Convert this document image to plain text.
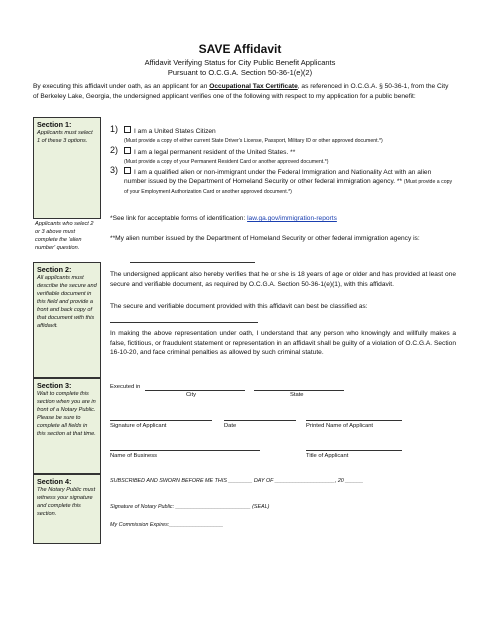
SAVE Affidavit
Affidavit Verifying Status for City Public Benefit Applicants
Pursuant to O.C.G.A. Section 50-36-1(e)(2)
By executing this affidavit under oath, as an applicant for an Occupational Tax Certificate, as referenced in O.C.G.A. § 50-36-1, from the City of Berkeley Lake, Georgia, the undersigned applicant verifies one of the following with respect to my application for a public benefit:
Section 1:
Applicants must select 1 of these 3 options.
Applicants who select 2 or 3 above must complete the 'alien number' question.
Section 2:
All applicants must describe the secure and verifiable document in this field and provide a front and back copy of that document with this affidavit.
Section 3:
Wait to complete this section when you are in front of a Notary Public. Please be sure to complete all fields in this section at that time.
Section 4:
The Notary Public must witness your signature and complete this section.
1)	I am a United States Citizen
(Must provide a copy of either current State Driver's License, Passport, Military ID or other approved document.*)
2)	I am a legal permanent resident of the United States. **
(Must provide a copy of your Permanent Resident Card or another approved document.*)
3)	I am a qualified alien or non-immigrant under the Federal Immigration and Nationality Act with an alien number issued by the Department of Homeland Security or other federal immigration agency. ** (Must provide a copy of your Employment Authorization Card or another approved document.*)
*See link for acceptable forms of identification: law.ga.gov/immigration-reports
**My alien number issued by the Department of Homeland Security or other federal immigration agency is:
The undersigned applicant also hereby verifies that he or she is 18 years of age or older and has provided at least one secure and verifiable document, as required by O.C.G.A. Section 50-36-1(e)(1), with this affidavit.
The secure and verifiable document provided with this affidavit can best be classified as:
In making the above representation under oath, I understand that any person who knowingly and willfully makes a false, fictitious, or fraudulent statement or representation in an affidavit shall be guilty of a violation of O.C.G.A. Section 16-10-20, and face criminal penalties as allowed by such criminal statute.
Executed in
City	State
Signature of Applicant	Date	Printed Name of Applicant
Name of Business	Title of Applicant
SUBSCRIBED AND SWORN BEFORE ME THIS ________ DAY OF ____________________, 20 ______
Signature of Notary Public: _________________________ (SEAL)
My Commission Expires:__________________
